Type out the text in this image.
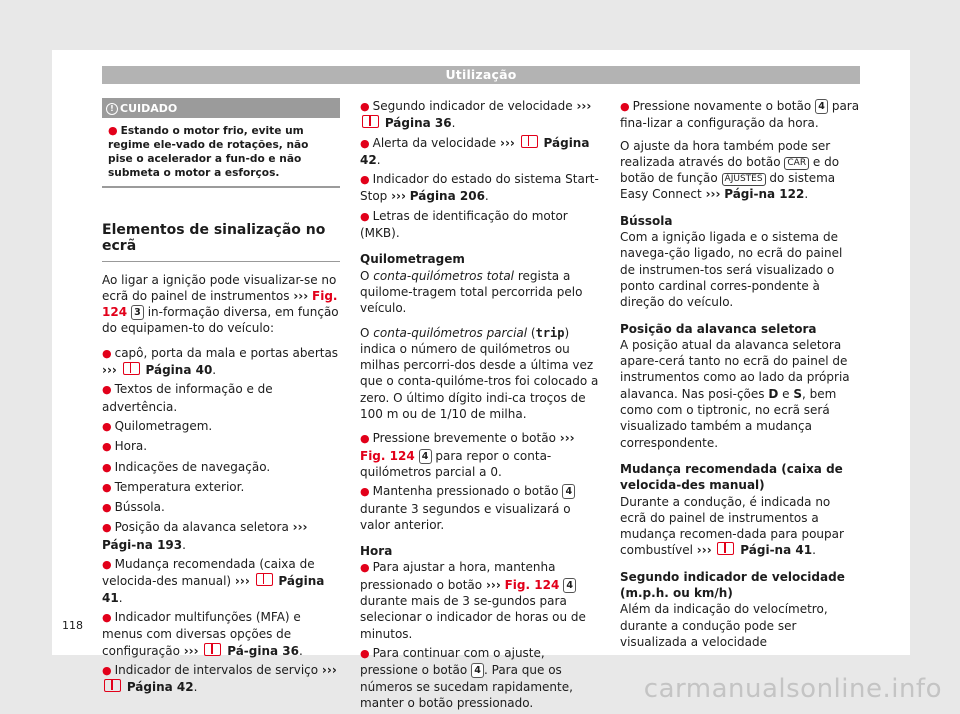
Utilização
! CUIDADO
● Estando o motor frio, evite um regime ele-vado de rotações, não pise o acelerador a fun-do e não submeta o motor a esforços.
Elementos de sinalização no ecrã

Ao ligar a ignição pode visualizar-se no ecrã do painel de instrumentos ››› Fig. 124 3 in-formação diversa, em função do equipamen-to do veículo:

● capô, porta da mala e portas abertas ››› Página 40.
● Textos de informação e de advertência.
● Quilometragem.
● Hora.
● Indicações de navegação.
● Temperatura exterior.
● Bússola.
● Posição da alavanca seletora ››› Pági-na 193.
● Mudança recomendada (caixa de velocida-des manual) ››› Página 41.
● Indicador multifunções (MFA) e menus com diversas opções de configuração ››› Pá-gina 36.
● Indicador de intervalos de serviço ›››  Página 42.
● Segundo indicador de velocidade ›››  Página 36.
● Alerta da velocidade ››› Página 42.
● Indicador do estado do sistema Start-Stop ››› Página 206.
● Letras de identificação do motor (MKB).
Quilometragem

O conta-quilómetros total regista a quilome-tragem total percorrida pelo veículo.

O conta-quilómetros parcial (trip) indica o número de quilómetros ou milhas percorri-dos desde a última vez que o conta-quilóme-tros foi colocado a zero. O último dígito indi-ca troços de 100 m ou de 1/10 de milha.

● Pressione brevemente o botão ››› Fig. 124 4 para repor o conta-quilómetros parcial a 0.
● Mantenha pressionado o botão 4 durante 3 segundos e visualizará o valor anterior.
Hora
● Para ajustar a hora, mantenha pressionado o botão ››› Fig. 124 4 durante mais de 3 se-gundos para selecionar o indicador de horas ou de minutos.
● Para continuar com o ajuste, pressione o botão 4 . Para que os números se sucedam rapidamente, manter o botão pressionado.
● Pressione novamente o botão 4 para fina-lizar a configuração da hora.

O ajuste da hora também pode ser realizada através do botão CAR e do botão de função AJUSTES do sistema Easy Connect ››› Pági-na 122.

Bússola

Com a ignição ligada e o sistema de navega-ção ligado, no ecrã do painel de instrumen-tos será visualizado o ponto cardinal corres-pondente à direção do veículo.

Posição da alavanca seletora

A posição atual da alavanca seletora apare-cerá tanto no ecrã do painel de instrumentos como ao lado da própria alavanca. Nas posi-ções D e S, bem como com o tiptronic, no ecrã será visualizado também a mudança correspondente.

Mudança recomendada (caixa de velocida-des manual)

Durante a condução, é indicada no ecrã do painel de instrumentos a mudança recomen-dada para poupar combustível ››› Pági-na 41.

Segundo indicador de velocidade (m.p.h. ou km/h)

Além da indicação do velocímetro, durante a condução pode ser visualizada a velocidade

118
carmanualsonline.info
